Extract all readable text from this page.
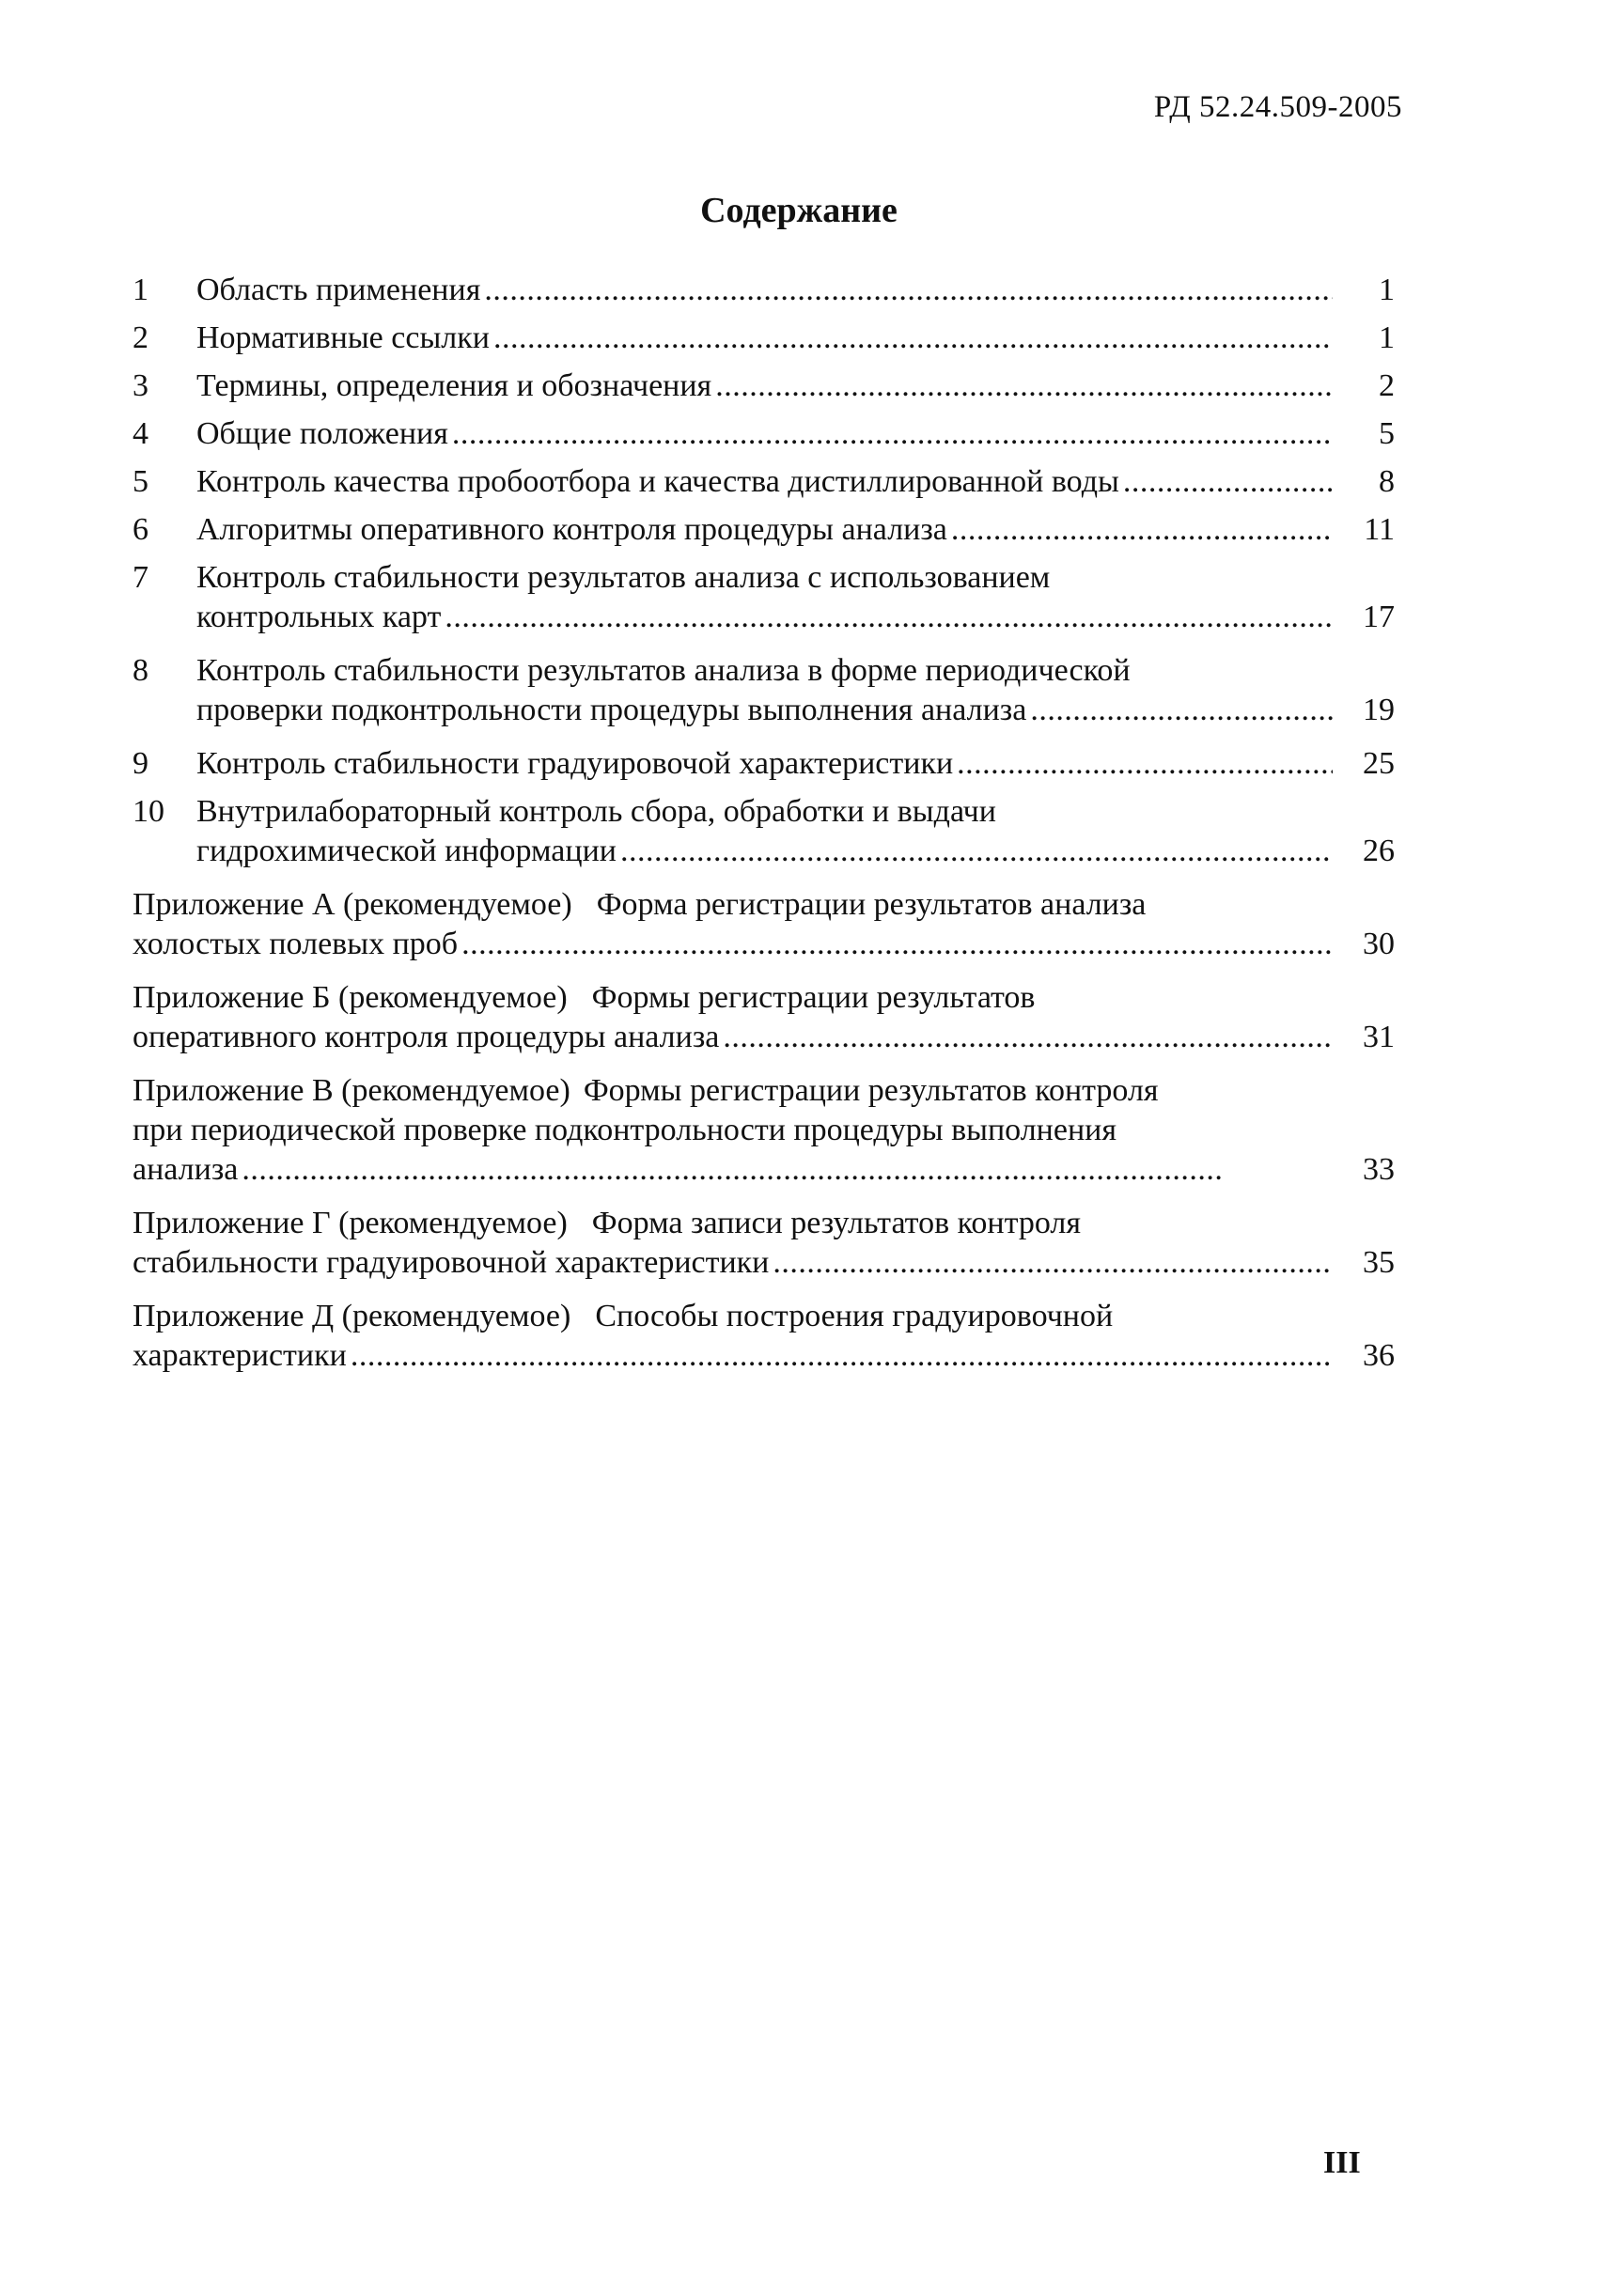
РД 52.24.509-2005
Содержание
1	Область применения . . .	1
2	Нормативные ссылки . . .	1
3	Термины, определения и обозначения . . .	2
4	Общие положения . . .	5
5	Контроль качества пробоотбора и качества дистиллированной воды . . .	8
6	Алгоритмы оперативного контроля процедуры анализа . . .	11
7	Контроль стабильности результатов анализа с использованием
контрольных карт . . .	17
8	Контроль стабильности результатов анализа в форме периодической
проверки подконтрольности процедуры выполнения анализа . . .	19
9	Контроль стабильности градуировочой характеристики . . .	25
10	Внутрилабораторный контроль сбора, обработки и выдачи
гидрохимической информации . . .	26
Приложение А (рекомендуемое) Форма регистрации результатов анализа
холостых полевых проб . . .	30
Приложение Б (рекомендуемое) Формы регистрации результатов
оперативного контроля процедуры анализа . . .	31
Приложение В (рекомендуемое) Формы регистрации результатов контроля
при периодической проверке подконтрольности процедуры выполнения
анализа . . .	33
Приложение Г (рекомендуемое) Форма записи результатов контроля
стабильности градуировочной характеристики . . .	35
Приложение Д (рекомендуемое) Способы построения градуировочной
характеристики . . .	36
III
